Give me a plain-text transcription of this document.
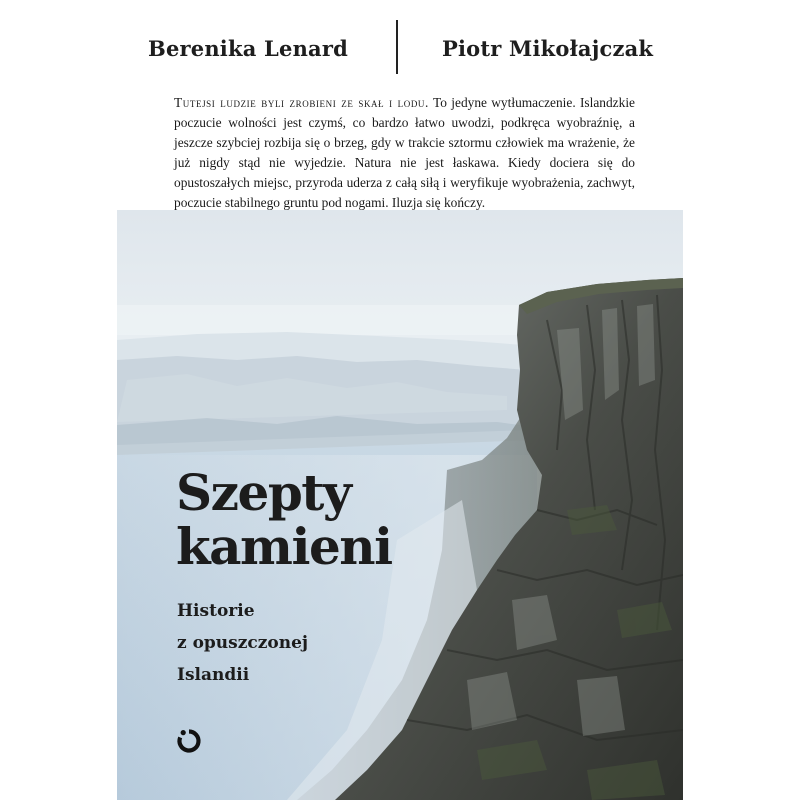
Berenika Lenard	Piotr Mikołajczak

Tutejsi ludzie byli zrobieni ze skał i lodu. To jedyne wytłumaczenie. Islandzkie poczucie wolności jest czymś, co bardzo łatwo uwodzi, podkręca wyobraźnię, a jeszcze szybciej rozbija się o brzeg, gdy w trakcie sztormu człowiek ma wrażenie, że już nigdy stąd nie wyjedzie. Natura nie jest łaskawa. Kiedy dociera się do opustoszałych miejsc, przyroda uderza z całą siłą i weryfikuje wyobrażenia, zachwyt, poczucie stabilnego gruntu pod nogami. Iluzja się kończy.

Szepty
kamieni
Historie
z opuszczonej
Islandii
